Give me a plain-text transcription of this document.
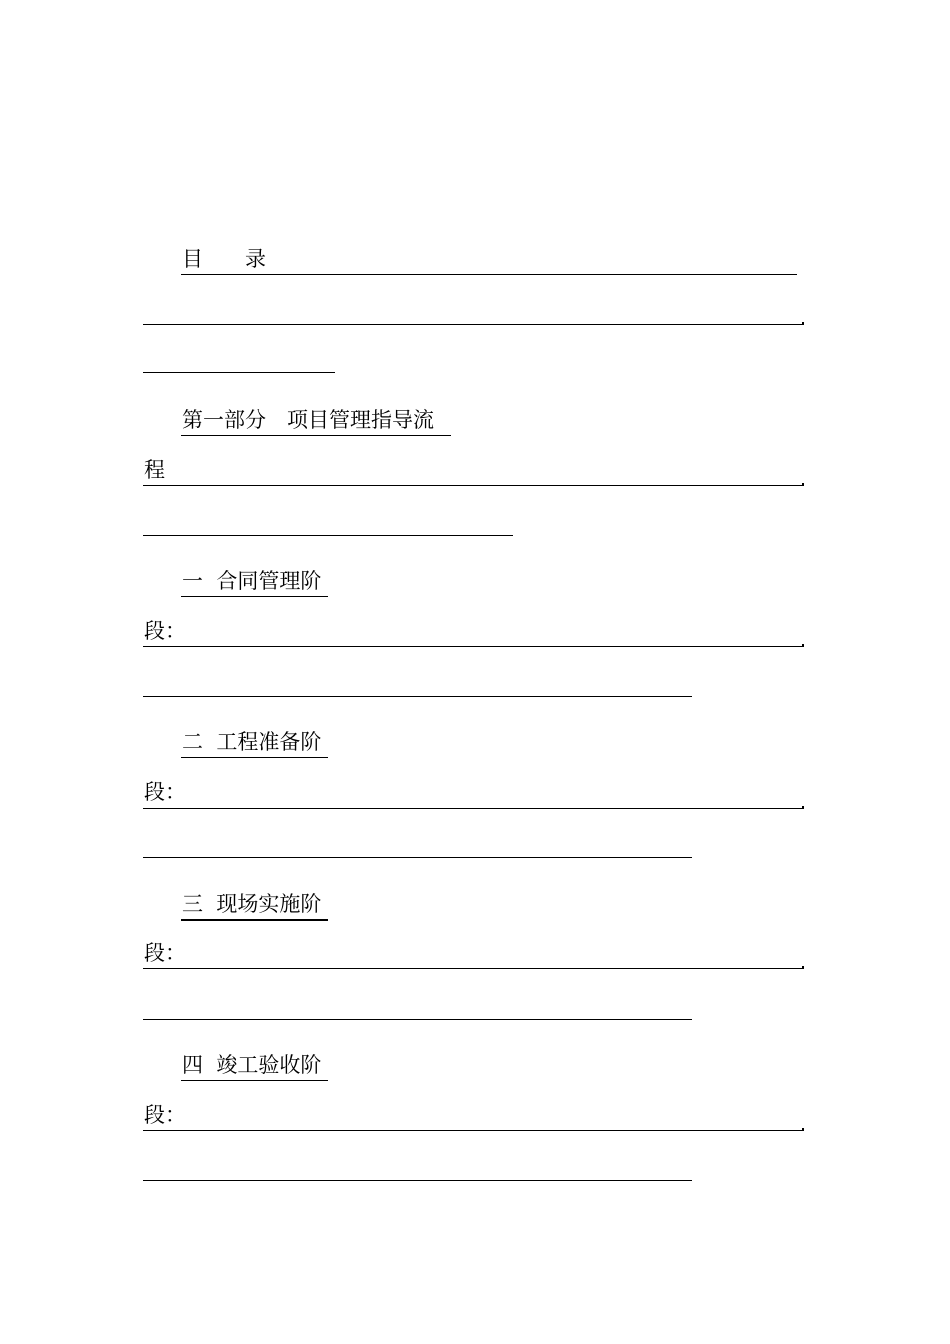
目　　录
第一部分　项目管理指导流
程
一  合同管理阶
段：
二  工程准备阶
段：
三  现场实施阶
段：
四  竣工验收阶
段：
